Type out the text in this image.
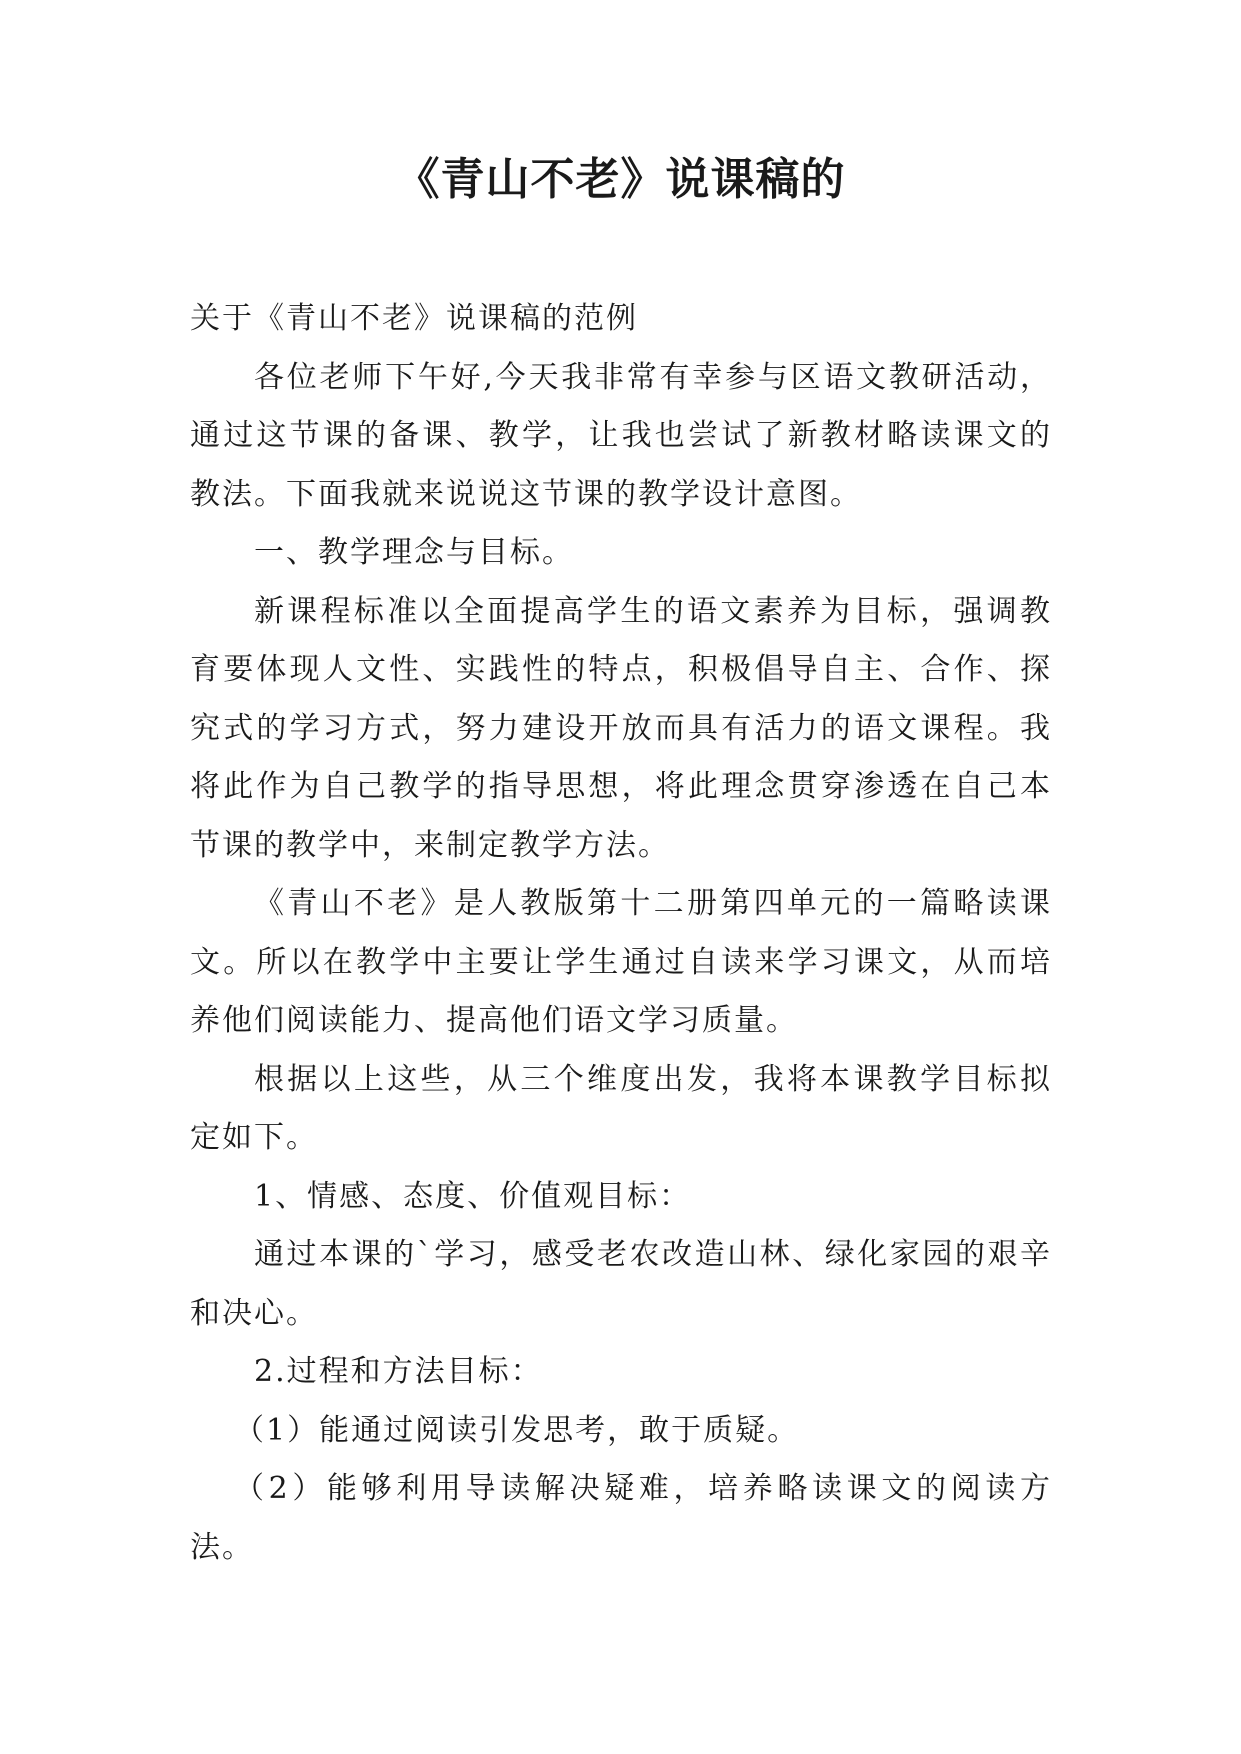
《青山不老》说课稿的

关于《青山不老》说课稿的范例

各位老师下午好,今天我非常有幸参与区语文教研活动，通过这节课的备课、教学，让我也尝试了新教材略读课文的教法。下面我就来说说这节课的教学设计意图。

一、教学理念与目标。

新课程标准以全面提高学生的语文素养为目标，强调教育要体现人文性、实践性的特点，积极倡导自主、合作、探究式的学习方式，努力建设开放而具有活力的语文课程。我将此作为自己教学的指导思想，将此理念贯穿渗透在自己本节课的教学中，来制定教学方法。

《青山不老》是人教版第十二册第四单元的一篇略读课文。所以在教学中主要让学生通过自读来学习课文，从而培养他们阅读能力、提高他们语文学习质量。

根据以上这些，从三个维度出发，我将本课教学目标拟定如下。

1、情感、态度、价值观目标：

通过本课的`学习，感受老农改造山林、绿化家园的艰辛和决心。

2.过程和方法目标：

（1）能通过阅读引发思考，敢于质疑。

（2）能够利用导读解决疑难，培养略读课文的阅读方法。
